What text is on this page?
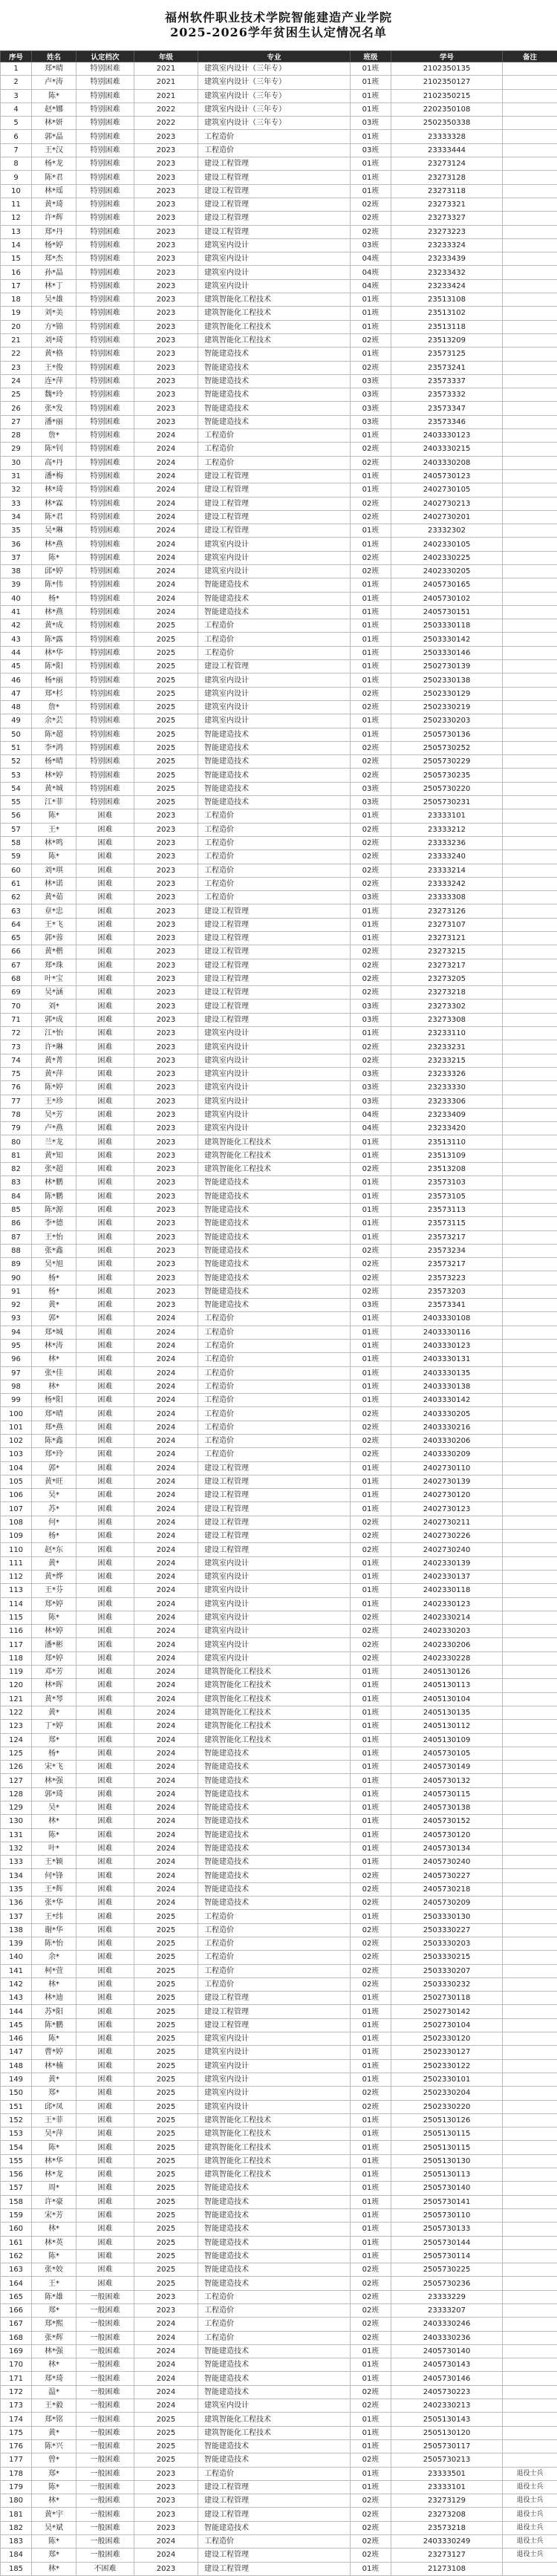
福州软件职业技术学院智能建造产业学院
2025-2026学年贫困生认定情况名单
序号	姓名	认定档次	年级	专业	班级	学号	备注
1	郑*晴	特别困难	2021	建筑室内设计（三年专）	01班	2102350135	
2	卢*涛	特别困难	2021	建筑室内设计（三年专）	01班	2102350127	
3	陈*	特别困难	2021	建筑室内设计（三年专）	01班	2102350215	
4	赵*娜	特别困难	2022	建筑室内设计（三年专）	01班	2202350108	
5	林*妍	特别困难	2022	建筑室内设计（三年专）	03班	2502350338	
6	郭*晶	特别困难	2023	工程造价	01班	23333328	
7	王*汉	特别困难	2023	工程造价	03班	23333444	
8	杨*龙	特别困难	2023	建设工程管理	01班	23273124	
9	陈*君	特别困难	2023	建设工程管理	01班	23273128	
10	林*瑶	特别困难	2023	建设工程管理	01班	23273118	
11	黄*琦	特别困难	2023	建设工程管理	02班	23273321	
12	许*辉	特别困难	2023	建设工程管理	02班	23273327	
13	郑*丹	特别困难	2023	建设工程管理	02班	23273223	
14	杨*婷	特别困难	2023	建筑室内设计	03班	23233324	
15	郑*杰	特别困难	2023	建筑室内设计	04班	23233439	
16	孙*晶	特别困难	2023	建筑室内设计	04班	23233432	
17	林*丁	特别困难	2023	建筑室内设计	04班	23233424	
18	吴*雄	特别困难	2023	建筑智能化工程技术	01班	23513108	
19	刘*美	特别困难	2023	建筑智能化工程技术	01班	23513102	
20	方*锦	特别困难	2023	建筑智能化工程技术	01班	23513118	
21	刘*琦	特别困难	2023	建筑智能化工程技术	02班	23513209	
22	黄*格	特别困难	2023	智能建造技术	01班	23573125	
23	王*俊	特别困难	2023	智能建造技术	02班	23573241	
24	连*萍	特别困难	2023	智能建造技术	03班	23573337	
25	魏*玲	特别困难	2023	智能建造技术	03班	23573332	
26	张*发	特别困难	2023	智能建造技术	03班	23573347	
27	潘*丽	特别困难	2023	智能建造技术	03班	23573346	
28	詹*	特别困难	2024	工程造价	01班	2403330123	
29	陈*钊	特别困难	2024	工程造价	02班	2403330215	
30	高*丹	特别困难	2024	工程造价	02班	2403330208	
31	潘*梅	特别困难	2024	建设工程管理	01班	2405730123	
32	林*琦	特别困难	2024	建设工程管理	01班	2402730105	
33	林*霖	特别困难	2024	建设工程管理	02班	2402730213	
34	陈*君	特别困难	2024	建设工程管理	02班	2402730201	
35	吴*琳	特别困难	2024	建设工程管理	01班	23332302	
36	林*燕	特别困难	2024	建筑室内设计	01班	2402330105	
37	陈*	特别困难	2024	建筑室内设计	02班	2402330225	
38	邱*婷	特别困难	2024	建筑室内设计	02班	2402330205	
39	陈*伟	特别困难	2024	智能建造技术	01班	2405730165	
40	杨*	特别困难	2024	智能建造技术	01班	2405730102	
41	林*燕	特别困难	2024	智能建造技术	01班	2405730151	
42	黄*成	特别困难	2025	工程造价	01班	2503330118	
43	陈*露	特别困难	2025	工程造价	01班	2503330142	
44	林*华	特别困难	2025	工程造价	01班	2503330146	
45	陈*阳	特别困难	2025	建设工程管理	01班	2502730139	
46	杨*丽	特别困难	2025	建筑室内设计	01班	2502330138	
47	郑*杉	特别困难	2025	建筑室内设计	02班	2502330129	
48	詹*	特别困难	2025	建筑室内设计	02班	2502330219	
49	余*芸	特别困难	2025	建筑室内设计	01班	2502330203	
50	陈*超	特别困难	2025	智能建造技术	01班	2505730136	
51	李*鸿	特别困难	2025	智能建造技术	02班	2505730252	
52	杨*晴	特别困难	2025	智能建造技术	02班	2505730229	
53	林*婷	特别困难	2025	智能建造技术	02班	2505730235	
54	黄*城	特别困难	2025	智能建造技术	03班	2505730220	
55	江*菲	特别困难	2025	智能建造技术	03班	2505730231	
56	陈*	困难	2023	工程造价	01班	23333101	
57	王*	困难	2023	工程造价	02班	23333212	
58	林*鸣	困难	2023	工程造价	02班	23333236	
59	陈*	困难	2023	工程造价	02班	23333240	
60	刘*琪	困难	2023	工程造价	02班	23333214	
61	林*诺	困难	2023	工程造价	02班	23333242	
62	黄*茹	困难	2023	工程造价	03班	23333308	
63	章*忠	困难	2023	建设工程管理	01班	23273126	
64	王*飞	困难	2023	建设工程管理	01班	23273107	
65	郭*蓉	困难	2023	建设工程管理	01班	23273121	
66	黄*楷	困难	2023	建设工程管理	02班	23273215	
67	郑*珠	困难	2023	建设工程管理	02班	23273217	
68	叶*宝	困难	2023	建设工程管理	02班	23273205	
69	吴*涵	困难	2023	建设工程管理	02班	23273218	
70	刘*	困难	2023	建设工程管理	03班	23273302	
71	郭*成	困难	2023	建设工程管理	03班	23273308	
72	江*怡	困难	2023	建筑室内设计	01班	23233110	
73	许*琳	困难	2023	建筑室内设计	02班	23233231	
74	黄*菁	困难	2023	建筑室内设计	02班	23233215	
75	黄*萍	困难	2023	建筑室内设计	03班	23233326	
76	陈*婷	困难	2023	建筑室内设计	03班	23233330	
77	王*珍	困难	2023	建筑室内设计	03班	23233306	
78	吴*芳	困难	2023	建筑室内设计	04班	23233409	
79	卢*燕	困难	2023	建筑室内设计	04班	23233420	
80	兰*龙	困难	2023	建筑智能化工程技术	01班	23513110	
81	黄*知	困难	2023	建筑智能化工程技术	01班	23513109	
82	张*超	困难	2023	建筑智能化工程技术	02班	23513208	
83	林*鹏	困难	2023	智能建造技术	01班	23573103	
84	陈*鹏	困难	2023	智能建造技术	01班	23573105	
85	陈*源	困难	2023	智能建造技术	01班	23573113	
86	李*德	困难	2023	智能建造技术	01班	23573115	
87	王*怡	困难	2023	智能建造技术	01班	23573217	
88	张*鑫	困难	2023	智能建造技术	02班	23573234	
89	吴*旭	困难	2023	智能建造技术	02班	23573217	
90	杨*	困难	2023	智能建造技术	02班	23573223	
91	杨*	困难	2023	智能建造技术	02班	23573203	
92	黄*	困难	2023	智能建造技术	03班	23573341	
93	郭*	困难	2024	工程造价	01班	2403330108	
94	郑*城	困难	2024	工程造价	01班	2403330116	
95	林*涛	困难	2024	工程造价	01班	2403330123	
96	林*	困难	2024	工程造价	01班	2403330131	
97	张*佳	困难	2024	工程造价	01班	2403330135	
98	林*	困难	2024	工程造价	01班	2403330138	
99	杨*阳	困难	2024	工程造价	01班	2403330142	
100	郑*晴	困难	2024	工程造价	02班	2403330205	
101	郑*燕	困难	2024	工程造价	02班	2403330216	
102	陈*鑫	困难	2024	工程造价	02班	2403330206	
103	郑*玲	困难	2024	工程造价	02班	2403330209	
104	郭*	困难	2024	建设工程管理	01班	2402730110	
105	黄*旺	困难	2024	建设工程管理	01班	2402730139	
106	吴*	困难	2024	建设工程管理	01班	2402730120	
107	苏*	困难	2024	建设工程管理	01班	2402730123	
108	何*	困难	2024	建设工程管理	02班	2402730211	
109	杨*	困难	2024	建设工程管理	02班	2402730226	
110	赵*东	困难	2024	建设工程管理	02班	2402730240	
111	黄*	困难	2024	建筑室内设计	01班	2402330139	
112	黄*烨	困难	2024	建筑室内设计	01班	2402330137	
113	王*芬	困难	2024	建筑室内设计	01班	2402330118	
114	郑*婷	困难	2024	建筑室内设计	01班	2402330123	
115	陈*	困难	2024	建筑室内设计	02班	2402330214	
116	林*婷	困难	2024	建筑室内设计	02班	2402330203	
117	潘*彬	困难	2024	建筑室内设计	02班	2402330206	
118	郑*婷	困难	2024	建筑室内设计	02班	2402330228	
119	邓*芳	困难	2024	建筑智能化工程技术	01班	2405130126	
120	林*晖	困难	2024	建筑智能化工程技术	01班	2405130113	
121	黄*琴	困难	2024	建筑智能化工程技术	01班	2405130104	
122	黄*	困难	2024	建筑智能化工程技术	01班	2405130135	
123	丁*婷	困难	2024	建筑智能化工程技术	01班	2405130112	
124	郑*	困难	2024	建筑智能化工程技术	01班	2405130109	
125	杨*	困难	2024	智能建造技术	01班	2405730105	
126	宋*飞	困难	2024	智能建造技术	01班	2405730149	
127	林*强	困难	2024	智能建造技术	01班	2405730132	
128	郭*琦	困难	2024	智能建造技术	01班	2405730115	
129	吴*	困难	2024	智能建造技术	01班	2405730138	
130	林*	困难	2024	智能建造技术	01班	2405730152	
131	陈*	困难	2024	智能建造技术	01班	2405730120	
132	叶*	困难	2024	智能建造技术	01班	2405730134	
133	王*颖	困难	2024	智能建造技术	01班	2405730240	
134	何*锋	困难	2024	智能建造技术	02班	2405730227	
135	王*辉	困难	2024	智能建造技术	02班	2405730218	
136	张*华	困难	2024	智能建造技术	02班	2405730209	
137	王*纬	困难	2025	工程造价	01班	2503330130	
138	谢*华	困难	2025	工程造价	02班	2503330227	
139	陈*怡	困难	2025	工程造价	02班	2503330203	
140	余*	困难	2025	工程造价	02班	2503330215	
141	柯*萱	困难	2025	工程造价	02班	2503330207	
142	林*	困难	2025	工程造价	02班	2503330232	
143	林*迪	困难	2025	建设工程管理	01班	2502730118	
144	苏*阳	困难	2025	建设工程管理	01班	2502730142	
145	陈*鹏	困难	2025	建设工程管理	01班	2502730104	
146	陈*	困难	2025	建筑室内设计	01班	2502330120	
147	曹*婷	困难	2025	建筑室内设计	01班	2502330127	
148	林*楠	困难	2025	建筑室内设计	01班	2502330122	
149	黄*	困难	2025	建筑室内设计	01班	2502330101	
150	郑*	困难	2025	建筑室内设计	02班	2502330204	
151	邱*凤	困难	2025	建筑室内设计	02班	2502330220	
152	王*菲	困难	2025	建筑智能化工程技术	01班	2505130126	
153	吴*萍	困难	2025	建筑智能化工程技术	01班	2505130115	
154	陈*	困难	2025	建筑智能化工程技术	01班	2505130115	
155	林*华	困难	2025	建筑智能化工程技术	01班	2505130130	
156	林*龙	困难	2025	建筑智能化工程技术	01班	2505130113	
157	周*	困难	2025	智能建造技术	01班	2505730140	
158	许*豪	困难	2025	智能建造技术	01班	2505730141	
159	宋*芳	困难	2025	智能建造技术	01班	2505730110	
160	林*	困难	2025	智能建造技术	01班	2505730133	
161	林*英	困难	2025	智能建造技术	01班	2505730144	
162	陈*	困难	2025	智能建造技术	01班	2505730114	
163	张*姣	困难	2025	智能建造技术	02班	2505730225	
164	王*	困难	2025	智能建造技术	02班	2505730236	
165	陈*雄	一般困难	2023	工程造价	02班	23333229	
166	郑*	一般困难	2023	工程造价	02班	23333207	
167	郑*熙	一般困难	2024	工程造价	02班	2403330246	
168	张*辉	一般困难	2024	工程造价	02班	2403330236	
169	林*强	一般困难	2024	智能建造技术	01班	2405730140	
170	林*	一般困难	2024	智能建造技术	01班	2405730143	
171	郑*琦	一般困难	2024	智能建造技术	01班	2405730146	
172	温*	一般困难	2024	智能建造技术	02班	2405730223	
173	王*毅	一般困难	2024	建筑室内设计	02班	2402330213	
174	郑*铭	一般困难	2025	建筑智能化工程技术	01班	2505130143	
175	黄*	一般困难	2025	建筑智能化工程技术	01班	2505130120	
176	陈*兴	一般困难	2025	智能建造技术	01班	2505730117	
177	曾*	一般困难	2025	智能建造技术	02班	2505730213	
178	郑*	一般困难	2023	工程造价	01班	23333501	退役士兵
179	陈*	一般困难	2023	建设工程管理	01班	23333101	退役士兵
180	林*	一般困难	2023	建设工程管理	02班	23273129	退役士兵
181	黄*宇	一般困难	2023	建设工程管理	02班	23273208	退役士兵
182	吴*斌	一般困难	2023	智能建造技术	02班	23573218	退役士兵
183	陈*	一般困难	2024	工程造价	02班	2403330249	退役士兵
184	郑*	一般困难	2024	建设工程管理	02班	23273127	退役士兵
185	林*	不困难	2023	建设工程管理	01班	21273108	
